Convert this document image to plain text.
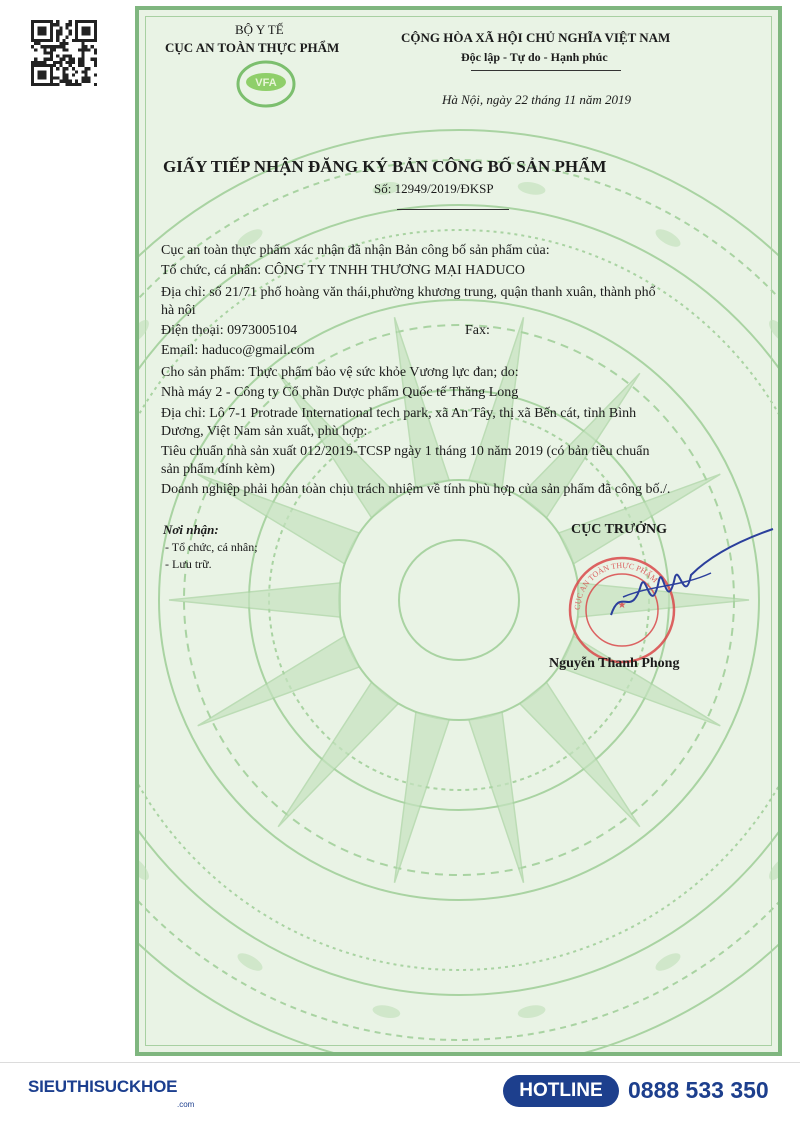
BỘ Y TẾ
CỤC AN TOÀN THỰC PHẨM
VFA
CỘNG HÒA XÃ HỘI CHỦ NGHĨA VIỆT NAM
Độc lập - Tự do - Hạnh phúc
Hà Nội, ngày 22 tháng 11 năm 2019
GIẤY TIẾP NHẬN ĐĂNG KÝ BẢN CÔNG BỐ SẢN PHẨM
Số: 12949/2019/ĐKSP
Cục an toàn thực phẩm xác nhận đã nhận Bản công bố sản phẩm của:
Tổ chức, cá nhân: CÔNG TY TNHH THƯƠNG MẠI HADUCO
Địa chỉ: số 21/71 phố hoàng văn thái,phường khương trung, quận thanh xuân, thành phố
hà nội
Điện thoại: 0973005104	Fax:
Email: haduco@gmail.com
Cho sản phẩm: Thực phẩm bảo vệ sức khỏe Vương lực đan; do:
Nhà máy 2 - Công ty Cổ phần Dược phẩm Quốc tế Thăng Long
Địa chỉ: Lô 7-1 Protrade International tech park, xã An Tây, thị xã Bến cát, tỉnh Bình
Dương, Việt Nam sản xuất, phù hợp:
Tiêu chuẩn nhà sản xuất 012/2019-TCSP ngày 1 tháng 10 năm 2019 (có bản tiêu chuẩn
sản phẩm đính kèm)
Doanh nghiệp phải hoàn toàn chịu trách nhiệm về tính phù hợp của sản phẩm đã công bố./.
Nơi nhận:
- Tổ chức, cá nhân;
- Lưu trữ.
CỤC TRƯỞNG
CỤC AN TOÀN THỰC PHẨM
★
Nguyễn Thanh Phong
SIEUTHISUCKHOE
.com
HOTLINE	0888 533 350
